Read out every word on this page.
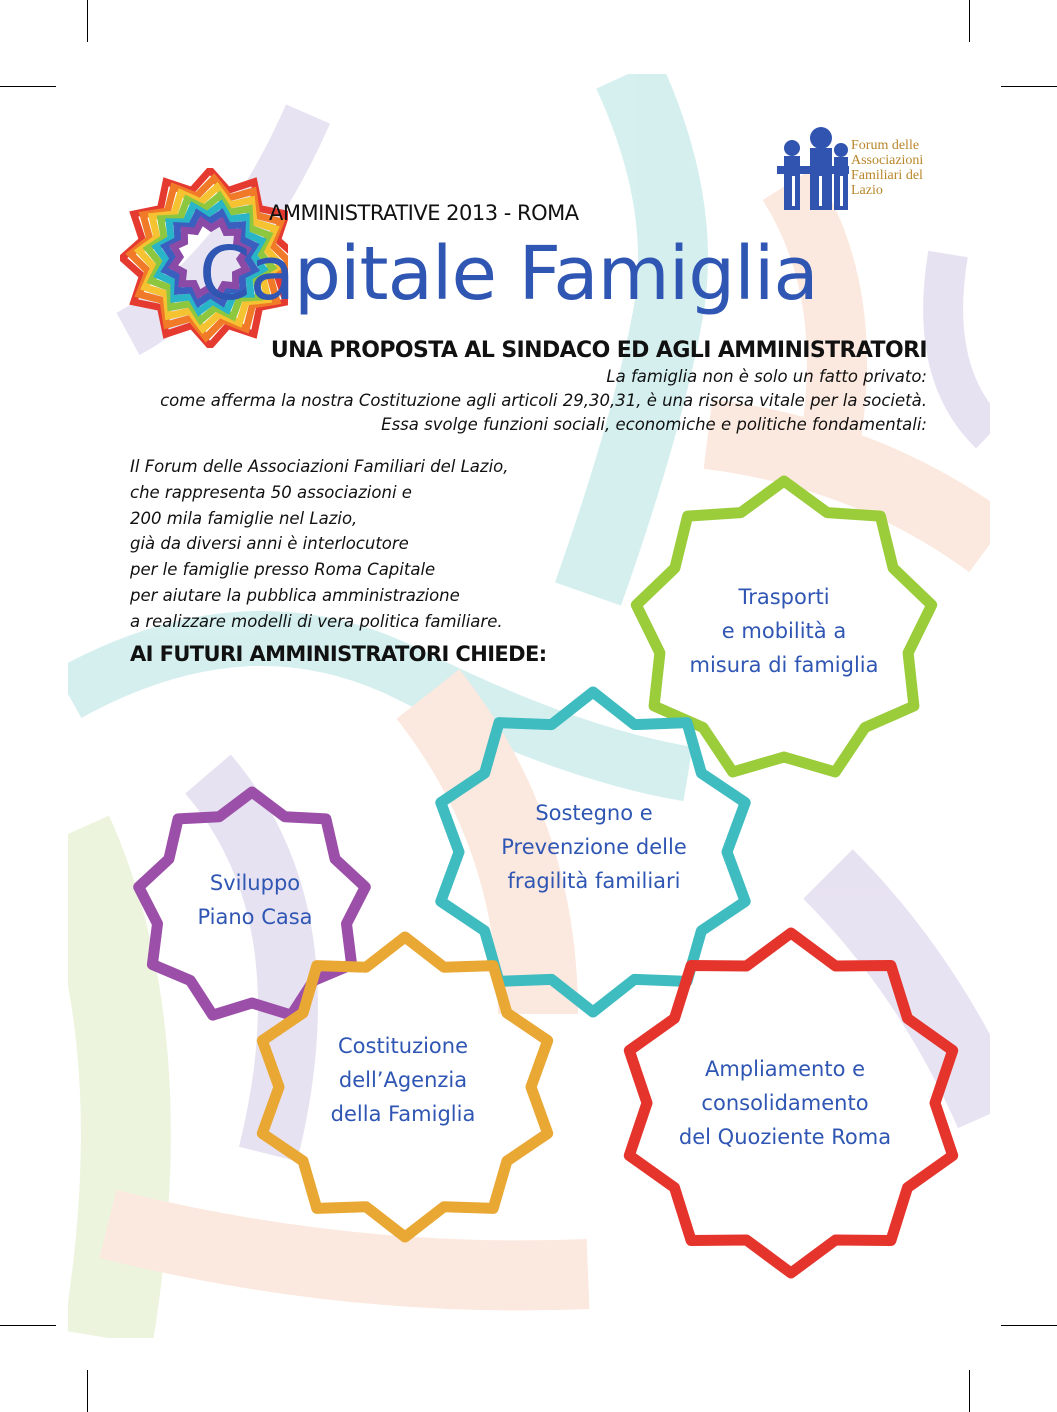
AMMINISTRATIVE 2013 - ROMA
Capitale Famiglia
UNA PROPOSTA AL SINDACO ED AGLI AMMINISTRATORI
Forum delle
Associazioni
Familiari del
Lazio
La famiglia non è solo un fatto privato:
come afferma la nostra Costituzione agli articoli 29,30,31, è una risorsa vitale per la società.
Essa svolge funzioni sociali, economiche e politiche fondamentali:
Il Forum delle Associazioni Familiari del Lazio,
che rappresenta 50 associazioni e
200 mila famiglie nel Lazio,
già da diversi anni è interlocutore
per le famiglie presso Roma Capitale
per aiutare la pubblica amministrazione
a realizzare modelli di vera politica familiare.
AI FUTURI AMMINISTRATORI CHIEDE:
Trasporti
e mobilità a
misura di famiglia
Sostegno e
Prevenzione delle
fragilità familiari
Sviluppo
Piano Casa
Costituzione
dell’Agenzia
della Famiglia
Ampliamento e
consolidamento
del Quoziente Roma
